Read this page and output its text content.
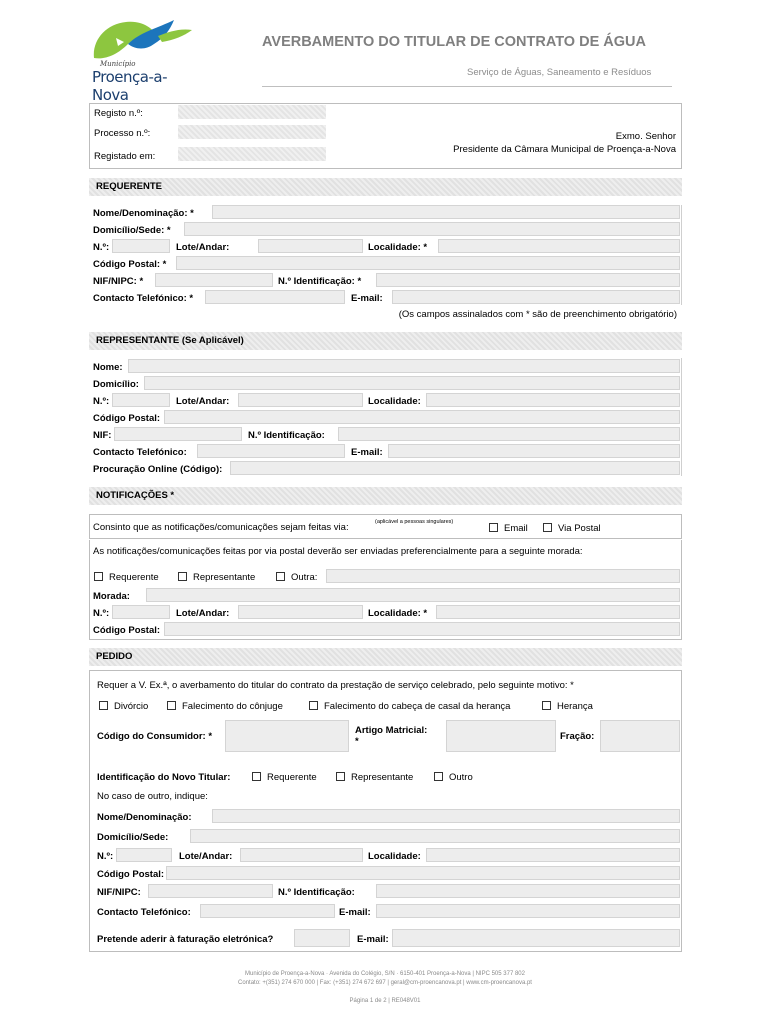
Município
Proença-a-Nova
AVERBAMENTO DO TITULAR DE CONTRATO DE ÁGUA
Serviço de Águas, Saneamento e Resíduos
Registo n.º:
Processo n.º:
Registado em:
Exmo. Senhor
Presidente da Câmara Municipal de Proença-a-Nova
REQUERENTE
Nome/Denominação: *
Domicílio/Sede: *
N.º:	Lote/Andar:	Localidade: *
Código Postal: *
NIF/NIPC: *	N.º Identificação: *
Contacto Telefónico: *	E-mail:
(Os campos assinalados com * são de preenchimento obrigatório)
REPRESENTANTE (Se Aplicável)
Nome:
Domicílio:
N.º:	Lote/Andar:	Localidade:
Código Postal:
NIF:	N.º Identificação:
Contacto Telefónico:	E-mail:
Procuração Online (Código):
NOTIFICAÇÕES *
Consinto que as notificações/comunicações sejam feitas via:	(aplicável a pessoas singulares)
Email	Via Postal
As notificações/comunicações feitas por via postal deverão ser enviadas preferencialmente para a seguinte morada:
Requerente	Representante	Outra:
Morada:
N.º:	Lote/Andar:	Localidade: *
Código Postal:
PEDIDO
Requer a V. Ex.ª, o averbamento do titular do contrato da prestação de serviço celebrado, pelo seguinte motivo: *
Divórcio	Falecimento do cônjuge	Falecimento do cabeça de casal da herança	Herança
Código do Consumidor: *
Artigo Matricial:
*	Fração:
Identificação do Novo Titular:	Requerente	Representante	Outro
No caso de outro, indique:
Nome/Denominação:
Domicílio/Sede:
N.º:	Lote/Andar:	Localidade:
Código Postal:
NIF/NIPC:	N.º Identificação:
Contacto Telefónico:	E-mail:
Pretende aderir à faturação eletrónica?	E-mail:
Município de Proença-a-Nova · Avenida do Colégio, S/N · 6150-401 Proença-a-Nova | NIPC 505 377 802
Contato: +(351) 274 670 000 | Fax: (+351) 274 672 697 | geral@cm-proencanova.pt | www.cm-proencanova.pt
Página 1 de 2 | RE048V01
